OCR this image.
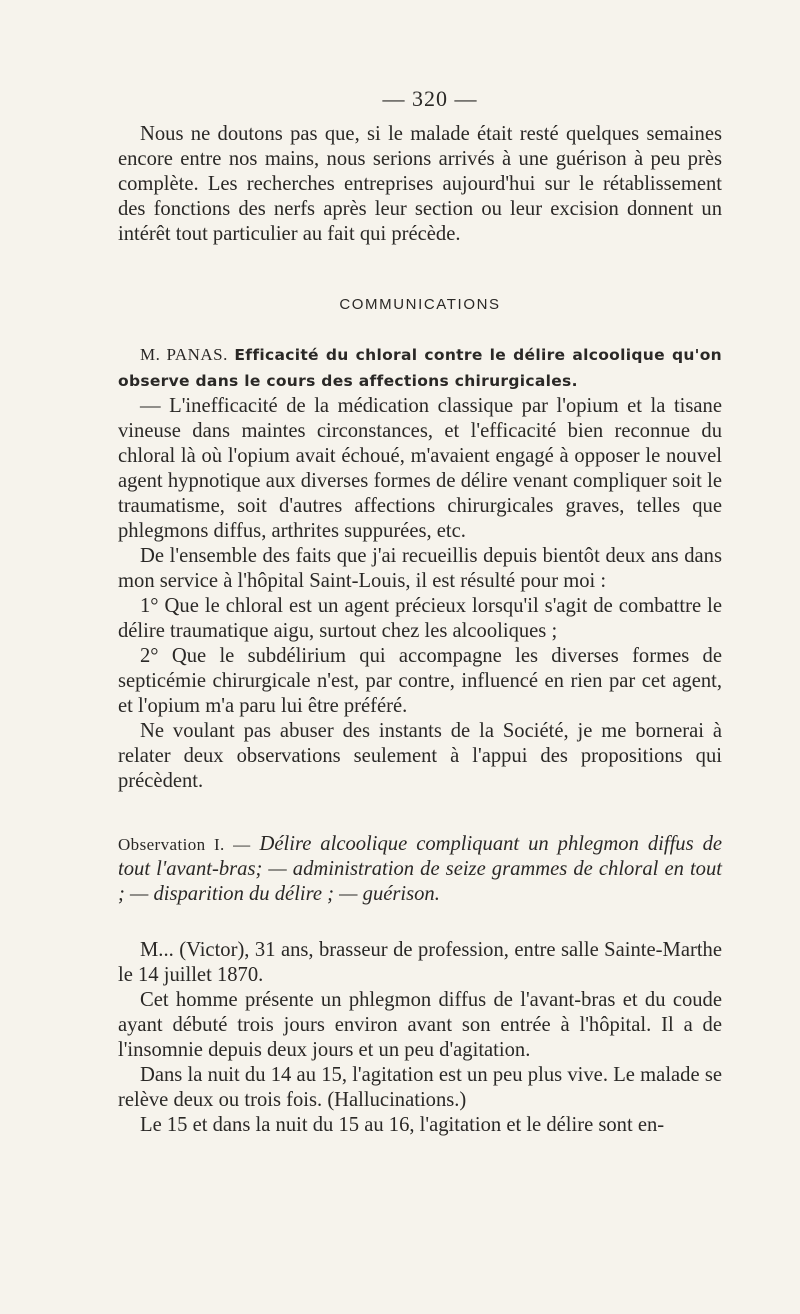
— 320 —

Nous ne doutons pas que, si le malade était resté quelques semaines encore entre nos mains, nous serions arrivés à une guérison à peu près complète. Les recherches entreprises aujourd'hui sur le rétablissement des fonctions des nerfs après leur section ou leur excision donnent un intérêt tout particulier au fait qui précède.

COMMUNICATIONS

M. PANAS. Efficacité du chloral contre le délire alcoolique qu'on observe dans le cours des affections chirurgicales.

— L'inefficacité de la médication classique par l'opium et la tisane vineuse dans maintes circonstances, et l'efficacité bien reconnue du chloral là où l'opium avait échoué, m'avaient engagé à opposer le nouvel agent hypnotique aux diverses formes de délire venant compliquer soit le traumatisme, soit d'autres affections chirurgicales graves, telles que phlegmons diffus, arthrites suppurées, etc.

De l'ensemble des faits que j'ai recueillis depuis bientôt deux ans dans mon service à l'hôpital Saint-Louis, il est résulté pour moi :

1° Que le chloral est un agent précieux lorsqu'il s'agit de combattre le délire traumatique aigu, surtout chez les alcooliques ;

2° Que le subdélirium qui accompagne les diverses formes de septicémie chirurgicale n'est, par contre, influencé en rien par cet agent, et l'opium m'a paru lui être préféré.

Ne voulant pas abuser des instants de la Société, je me bornerai à relater deux observations seulement à l'appui des propositions qui précèdent.

Observation I. — Délire alcoolique compliquant un phlegmon diffus de tout l'avant-bras; — administration de seize grammes de chloral en tout ; — disparition du délire ; — guérison.

M... (Victor), 31 ans, brasseur de profession, entre salle Sainte-Marthe le 14 juillet 1870.

Cet homme présente un phlegmon diffus de l'avant-bras et du coude ayant débuté trois jours environ avant son entrée à l'hôpital. Il a de l'insomnie depuis deux jours et un peu d'agitation.

Dans la nuit du 14 au 15, l'agitation est un peu plus vive. Le malade se relève deux ou trois fois. (Hallucinations.)

Le 15 et dans la nuit du 15 au 16, l'agitation et le délire sont en-
